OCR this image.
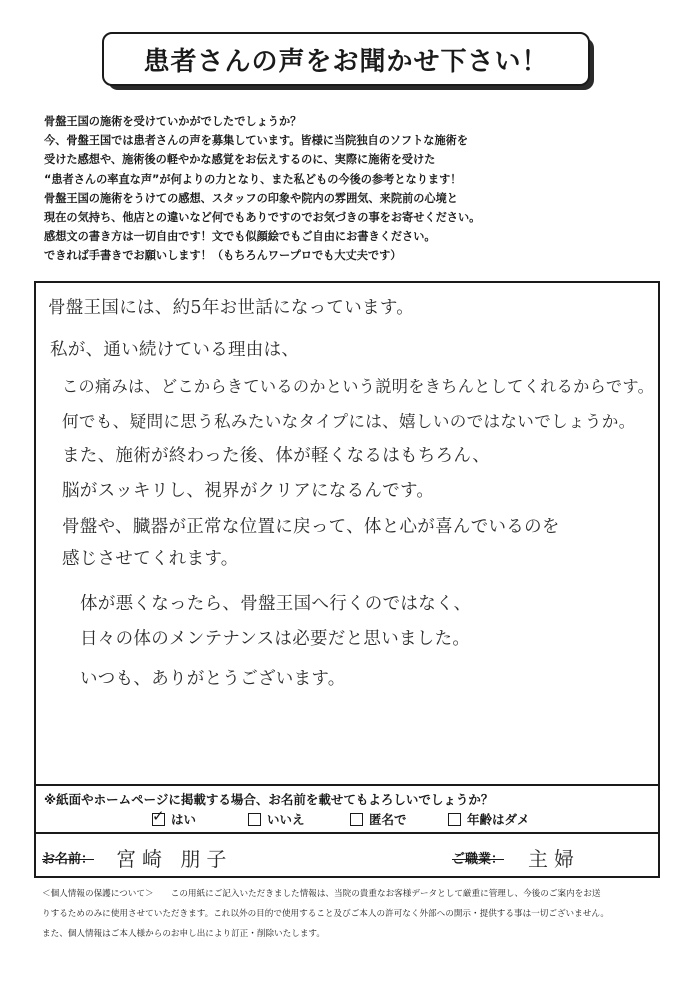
患者さんの声をお聞かせ下さい！
骨盤王国の施術を受けていかがでしたでしょうか？
今、骨盤王国では患者さんの声を募集しています。皆様に当院独自のソフトな施術を
受けた感想や、施術後の軽やかな感覚をお伝えするのに、実際に施術を受けた
“患者さんの率直な声”が何よりの力となり、また私どもの今後の参考となります！
骨盤王国の施術をうけての感想、スタッフの印象や院内の雰囲気、来院前の心境と
現在の気持ち、他店との違いなど何でもありですのでお気づきの事をお寄せください。
感想文の書き方は一切自由です！文でも似顔絵でもご自由にお書きください。
できれば手書きでお願いします！（もちろんワープロでも大丈夫です）
骨盤王国には、約5年お世話になっています。
私が、通い続けている理由は、
この痛みは、どこからきているのかという説明をきちんとしてくれるからです。
何でも、疑問に思う私みたいなタイプには、嬉しいのではないでしょうか。
また、施術が終わった後、体が軽くなるはもちろん、
脳がスッキリし、視界がクリアになるんです。
骨盤や、臓器が正常な位置に戻って、体と心が喜んでいるのを
感じさせてくれます。
体が悪くなったら、骨盤王国へ行くのではなく、
日々の体のメンテナンスは必要だと思いました。
いつも、ありがとうございます。
※紙面やホームページに掲載する場合、お名前を載せてもよろしいでしょうか？
✓ はい	いいえ	匿名で	年齢はダメ
お名前： 宮崎 朋子	ご職業： 主婦
＜個人情報の保護について＞　　この用紙にご記入いただきました情報は、当院の貴重なお客様データとして厳重に管理し、今後のご案内をお送
りするためのみに使用させていただきます。これ以外の目的で使用すること及びご本人の許可なく外部への開示・提供する事は一切ございません。
また、個人情報はご本人様からのお申し出により訂正・削除いたします。
